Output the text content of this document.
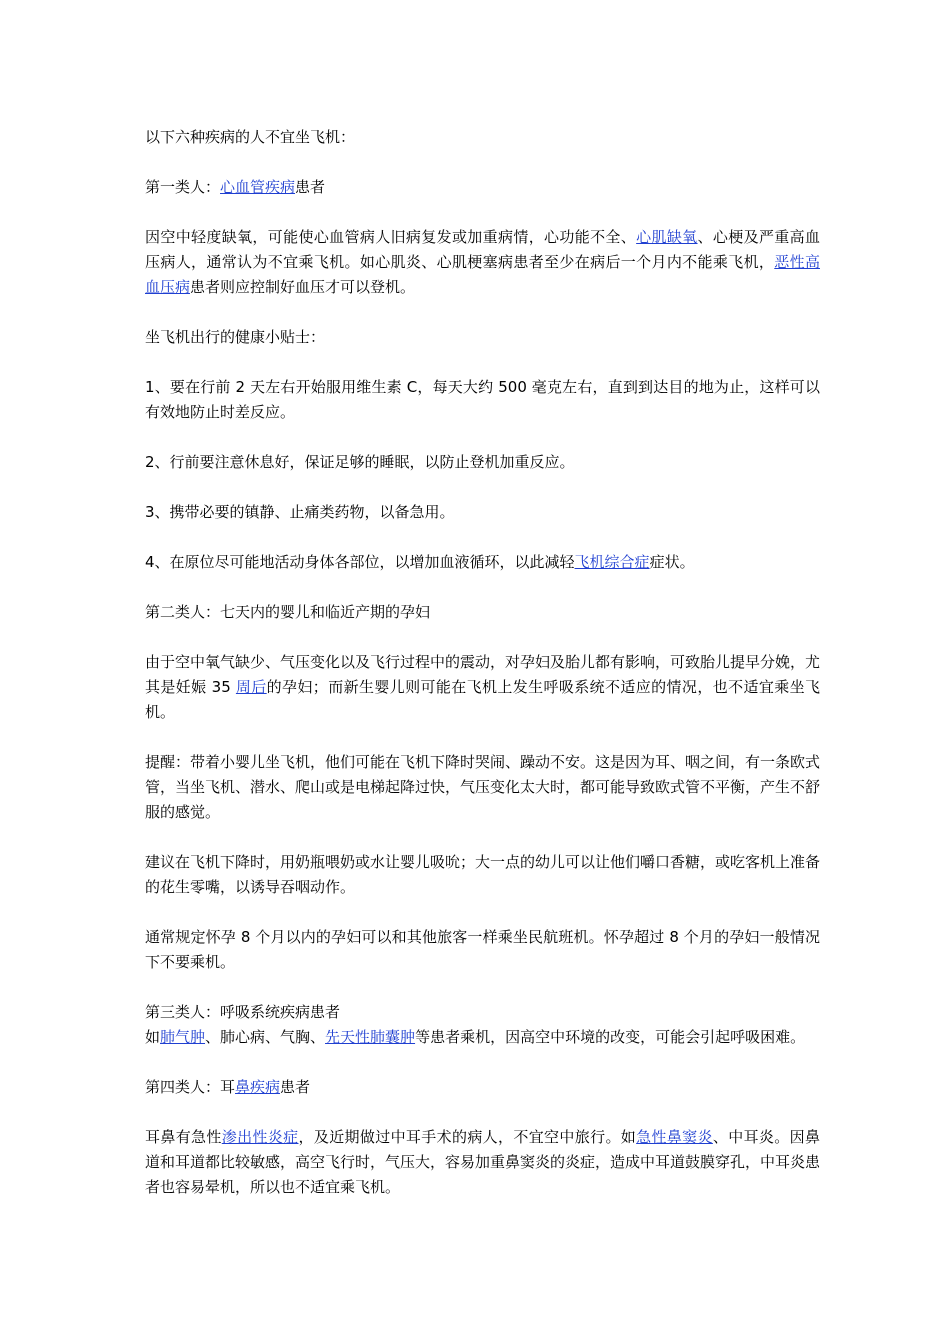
以下六种疾病的人不宜坐飞机：

第一类人：心血管疾病患者

因空中轻度缺氧，可能使心血管病人旧病复发或加重病情，心功能不全、心肌缺氧、心梗及严重高血压病人，通常认为不宜乘飞机。如心肌炎、心肌梗塞病患者至少在病后一个月内不能乘飞机，恶性高血压病患者则应控制好血压才可以登机。

坐飞机出行的健康小贴士：

1、要在行前 2 天左右开始服用维生素 C，每天大约 500 毫克左右，直到到达目的地为止，这样可以有效地防止时差反应。

2、行前要注意休息好，保证足够的睡眠，以防止登机加重反应。

3、携带必要的镇静、止痛类药物，以备急用。

4、在原位尽可能地活动身体各部位，以增加血液循环，以此减轻飞机综合症症状。

第二类人：七天内的婴儿和临近产期的孕妇

由于空中氧气缺少、气压变化以及飞行过程中的震动，对孕妇及胎儿都有影响，可致胎儿提早分娩，尤其是妊娠 35 周后的孕妇；而新生婴儿则可能在飞机上发生呼吸系统不适应的情况，也不适宜乘坐飞机。

提醒：带着小婴儿坐飞机，他们可能在飞机下降时哭闹、躁动不安。这是因为耳、咽之间，有一条欧式管，当坐飞机、潜水、爬山或是电梯起降过快，气压变化太大时，都可能导致欧式管不平衡，产生不舒服的感觉。

建议在飞机下降时，用奶瓶喂奶或水让婴儿吸吮；大一点的幼儿可以让他们嚼口香糖，或吃客机上准备的花生零嘴，以诱导吞咽动作。

通常规定怀孕 8 个月以内的孕妇可以和其他旅客一样乘坐民航班机。怀孕超过 8 个月的孕妇一般情况下不要乘机。

第三类人：呼吸系统疾病患者

如肺气肿、肺心病、气胸、先天性肺囊肿等患者乘机，因高空中环境的改变，可能会引起呼吸困难。

第四类人：耳鼻疾病患者

耳鼻有急性渗出性炎症，及近期做过中耳手术的病人，不宜空中旅行。如急性鼻窦炎、中耳炎。因鼻道和耳道都比较敏感，高空飞行时，气压大，容易加重鼻窦炎的炎症，造成中耳道鼓膜穿孔，中耳炎患者也容易晕机，所以也不适宜乘飞机。
